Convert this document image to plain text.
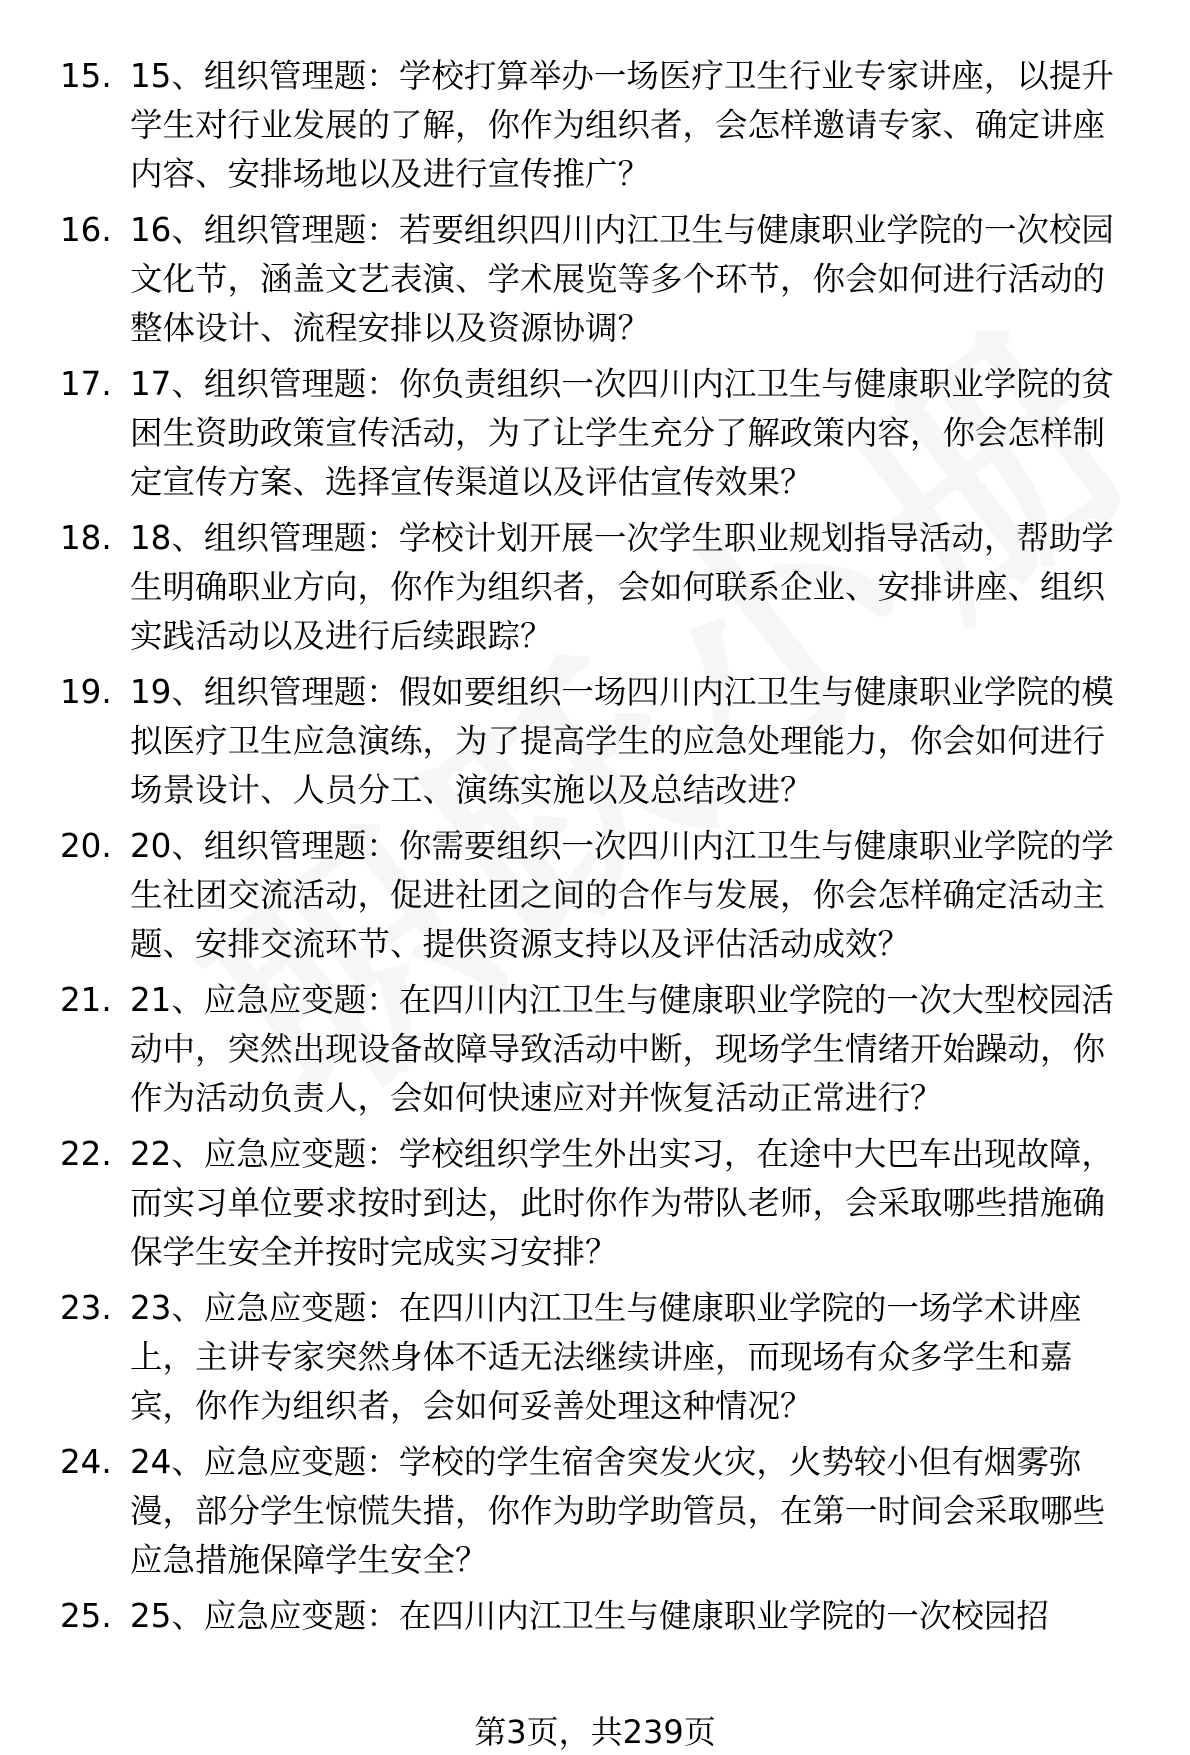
15. 15、组织管理题：学校打算举办一场医疗卫生行业专家讲座，以提升学生对行业发展的了解，你作为组织者，会怎样邀请专家、确定讲座内容、安排场地以及进行宣传推广？
16. 16、组织管理题：若要组织四川内江卫生与健康职业学院的一次校园文化节，涵盖文艺表演、学术展览等多个环节，你会如何进行活动的整体设计、流程安排以及资源协调？
17. 17、组织管理题：你负责组织一次四川内江卫生与健康职业学院的贫困生资助政策宣传活动，为了让学生充分了解政策内容，你会怎样制定宣传方案、选择宣传渠道以及评估宣传效果？
18. 18、组织管理题：学校计划开展一次学生职业规划指导活动，帮助学生明确职业方向，你作为组织者，会如何联系企业、安排讲座、组织实践活动以及进行后续跟踪？
19. 19、组织管理题：假如要组织一场四川内江卫生与健康职业学院的模拟医疗卫生应急演练，为了提高学生的应急处理能力，你会如何进行场景设计、人员分工、演练实施以及总结改进？
20. 20、组织管理题：你需要组织一次四川内江卫生与健康职业学院的学生社团交流活动，促进社团之间的合作与发展，你会怎样确定活动主题、安排交流环节、提供资源支持以及评估活动成效？
21. 21、应急应变题：在四川内江卫生与健康职业学院的一次大型校园活动中，突然出现设备故障导致活动中断，现场学生情绪开始躁动，你作为活动负责人，会如何快速应对并恢复活动正常进行？
22. 22、应急应变题：学校组织学生外出实习，在途中大巴车出现故障，而实习单位要求按时到达，此时你作为带队老师，会采取哪些措施确保学生安全并按时完成实习安排？
23. 23、应急应变题：在四川内江卫生与健康职业学院的一场学术讲座上，主讲专家突然身体不适无法继续讲座，而现场有众多学生和嘉宾，你作为组织者，会如何妥善处理这种情况？
24. 24、应急应变题：学校的学生宿舍突发火灾，火势较小但有烟雾弥漫，部分学生惊慌失措，你作为助学助管员，在第一时间会采取哪些应急措施保障学生安全？
25. 25、应急应变题：在四川内江卫生与健康职业学院的一次校园招
第3页，共239页
